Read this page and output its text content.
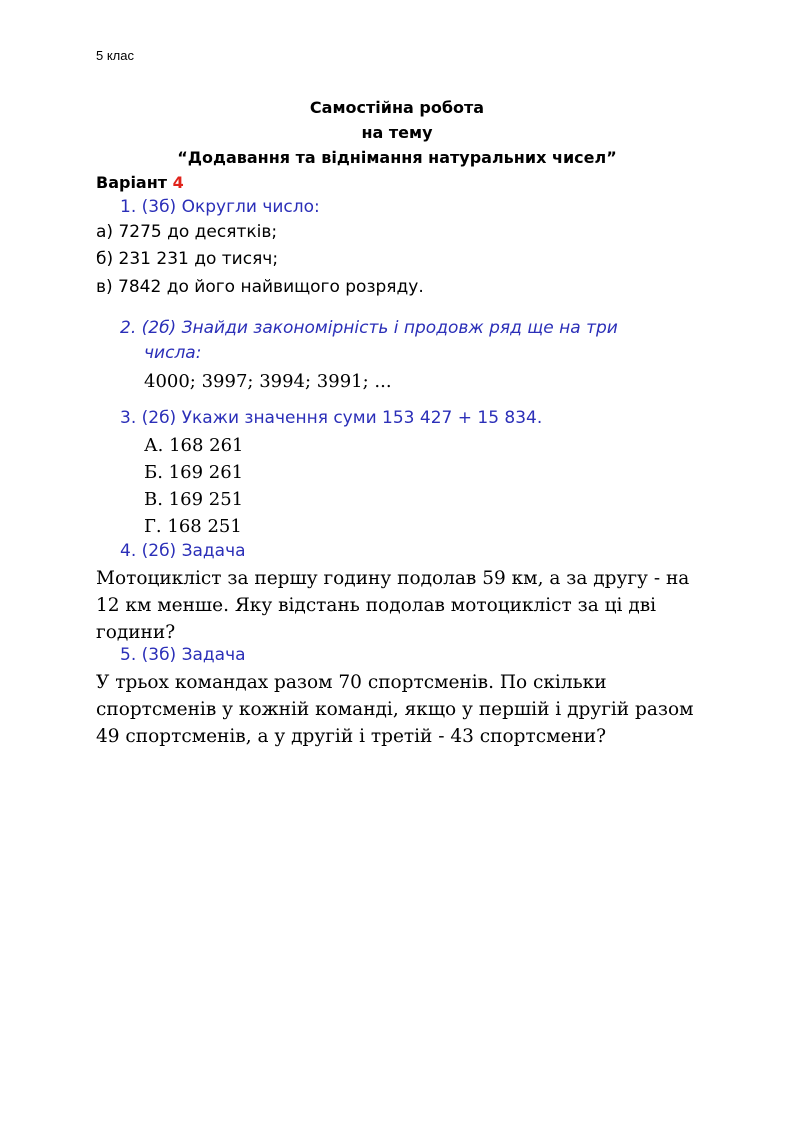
5 клас
Самостійна робота
на тему
“Додавання та віднімання натуральних чисел”
Варіант 4
1. (3б) Округли число:
а) 7275 до десятків;
б) 231 231 до тисяч;
в) 7842 до його найвищого розряду.
2. (2б) Знайди закономірність і продовж ряд ще на три
числа:
4000; 3997; 3994; 3991; ...
3. (2б) Укажи значення суми 153 427 + 15 834.
А. 168 261
Б. 169 261
В. 169 251
Г. 168 251
4. (2б) Задача
Мотоцикліст за першу годину подолав 59 км, а за другу - на 12 км менше. Яку відстань подолав мотоцикліст за ці дві години?
5. (3б) Задача
У трьох командах разом 70 спортсменів. По скільки спортсменів у кожній команді, якщо у першій і другій разом 49 спортсменів, а у другій і третій - 43 спортсмени?
